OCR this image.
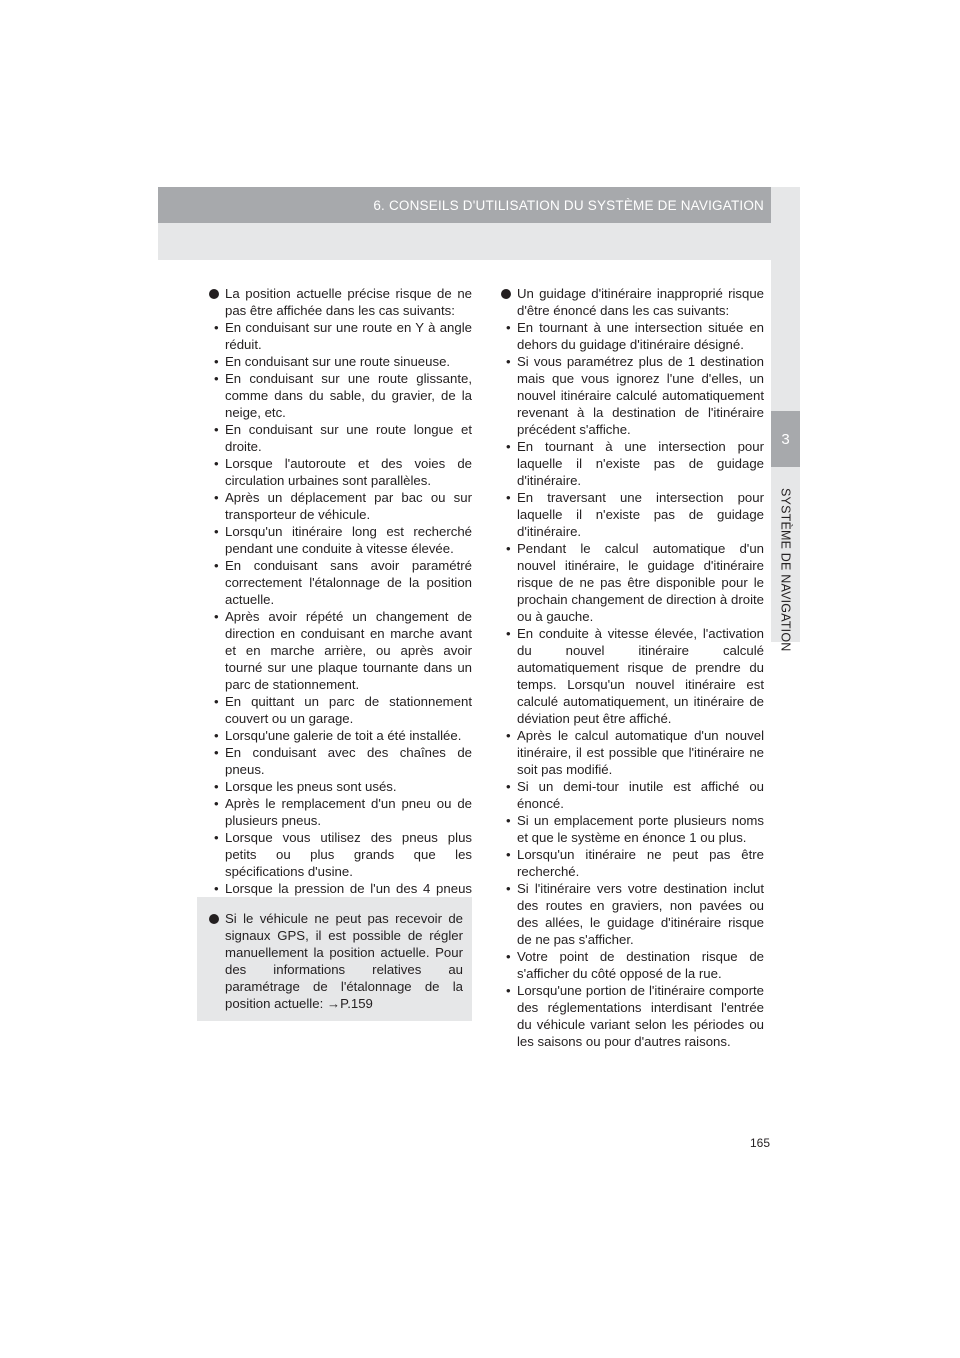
6. CONSEILS D'UTILISATION DU SYSTÈME DE NAVIGATION
3
SYSTÈME DE NAVIGATION
La position actuelle précise risque de ne pas être affichée dans les cas suivants:
• En conduisant sur une route en Y à angle réduit.
• En conduisant sur une route sinueuse.
• En conduisant sur une route glissante, comme dans du sable, du gravier, de la neige, etc.
• En conduisant sur une route longue et droite.
• Lorsque l'autoroute et des voies de circulation urbaines sont parallèles.
• Après un déplacement par bac ou sur transporteur de véhicule.
• Lorsqu'un itinéraire long est recherché pendant une conduite à vitesse élevée.
• En conduisant sans avoir paramétré correctement l'étalonnage de la position actuelle.
• Après avoir répété un changement de direction en conduisant en marche avant et en marche arrière, ou après avoir tourné sur une plaque tournante dans un parc de stationnement.
• En quittant un parc de stationnement couvert ou un garage.
• Lorsqu'une galerie de toit a été installée.
• En conduisant avec des chaînes de pneus.
• Lorsque les pneus sont usés.
• Après le remplacement d'un pneu ou de plusieurs pneus.
• Lorsque vous utilisez des pneus plus petits ou plus grands que les spécifications d'usine.
• Lorsque la pression de l'un des 4 pneus
Si le véhicule ne peut pas recevoir de signaux GPS, il est possible de régler manuellement la position actuelle. Pour des informations relatives au paramétrage de l'étalonnage de la position actuelle: →P.159
Un guidage d'itinéraire inapproprié risque d'être énoncé dans les cas suivants:
• En tournant à une intersection située en dehors du guidage d'itinéraire désigné.
• Si vous paramétrez plus de 1 destination mais que vous ignorez l'une d'elles, un nouvel itinéraire calculé automatiquement revenant à la destination de l'itinéraire précédent s'affiche.
• En tournant à une intersection pour laquelle il n'existe pas de guidage d'itinéraire.
• En traversant une intersection pour laquelle il n'existe pas de guidage d'itinéraire.
• Pendant le calcul automatique d'un nouvel itinéraire, le guidage d'itinéraire risque de ne pas être disponible pour le prochain changement de direction à droite ou à gauche.
• En conduite à vitesse élevée, l'activation du nouvel itinéraire calculé automatiquement risque de prendre du temps. Lorsqu'un nouvel itinéraire est calculé automatiquement, un itinéraire de déviation peut être affiché.
• Après le calcul automatique d'un nouvel itinéraire, il est possible que l'itinéraire ne soit pas modifié.
• Si un demi-tour inutile est affiché ou énoncé.
• Si un emplacement porte plusieurs noms et que le système en énonce 1 ou plus.
• Lorsqu'un itinéraire ne peut pas être recherché.
• Si l'itinéraire vers votre destination inclut des routes en graviers, non pavées ou des allées, le guidage d'itinéraire risque de ne pas s'afficher.
• Votre point de destination risque de s'afficher du côté opposé de la rue.
• Lorsqu'une portion de l'itinéraire comporte des réglementations interdisant l'entrée du véhicule variant selon les périodes ou les saisons ou pour d'autres raisons.
165
